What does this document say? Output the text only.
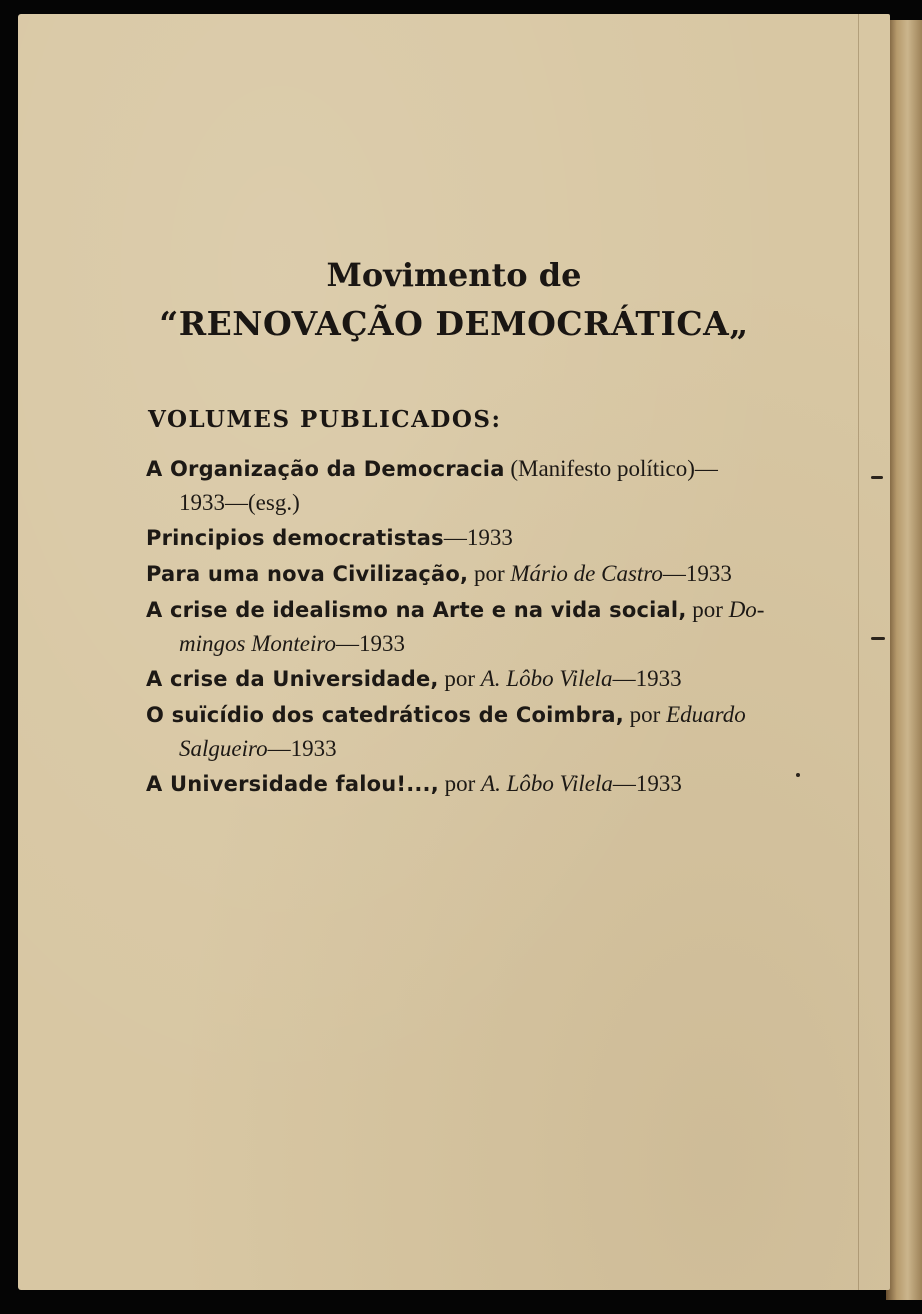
Movimento de
“RENOVAÇÃO DEMOCRÁTICA„
VOLUMES PUBLICADOS:
A Organização da Democracia (Manifesto político)—
1933—(esg.)
Principios democratistas—1933
Para uma nova Civilização, por Mário de Castro—1933
A crise de idealismo na Arte e na vida social, por Do-
mingos Monteiro—1933
A crise da Universidade, por A. Lôbo Vilela—1933
O suïcídio dos catedráticos de Coimbra, por Eduardo
Salgueiro—1933
A Universidade falou!..., por A. Lôbo Vilela—1933
